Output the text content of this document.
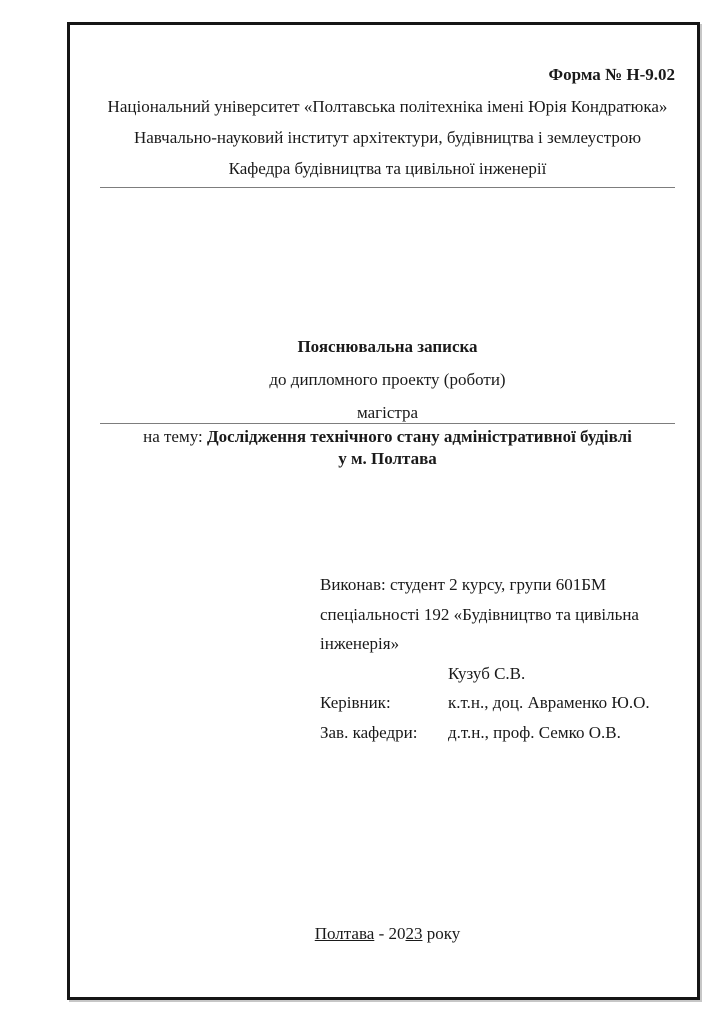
Форма № Н-9.02
Національний університет «Полтавська політехніка імені Юрія Кондратюка»
Навчально-науковий інститут архітектури, будівництва і землеустрою
Кафедра будівництва та цивільної інженерії
Пояснювальна записка
до дипломного проекту (роботи)
магістра
на тему: Дослідження технічного стану адміністративної будівлі
у м. Полтава
Виконав: студент 2 курсу, групи 601БМ
спеціальності 192 «Будівництво та цивільна
інженерія»
Кузуб С.В.
Керівник:	к.т.н., доц. Авраменко Ю.О.
Зав. кафедри: д.т.н., проф. Семко О.В.
Полтава - 2023 року
